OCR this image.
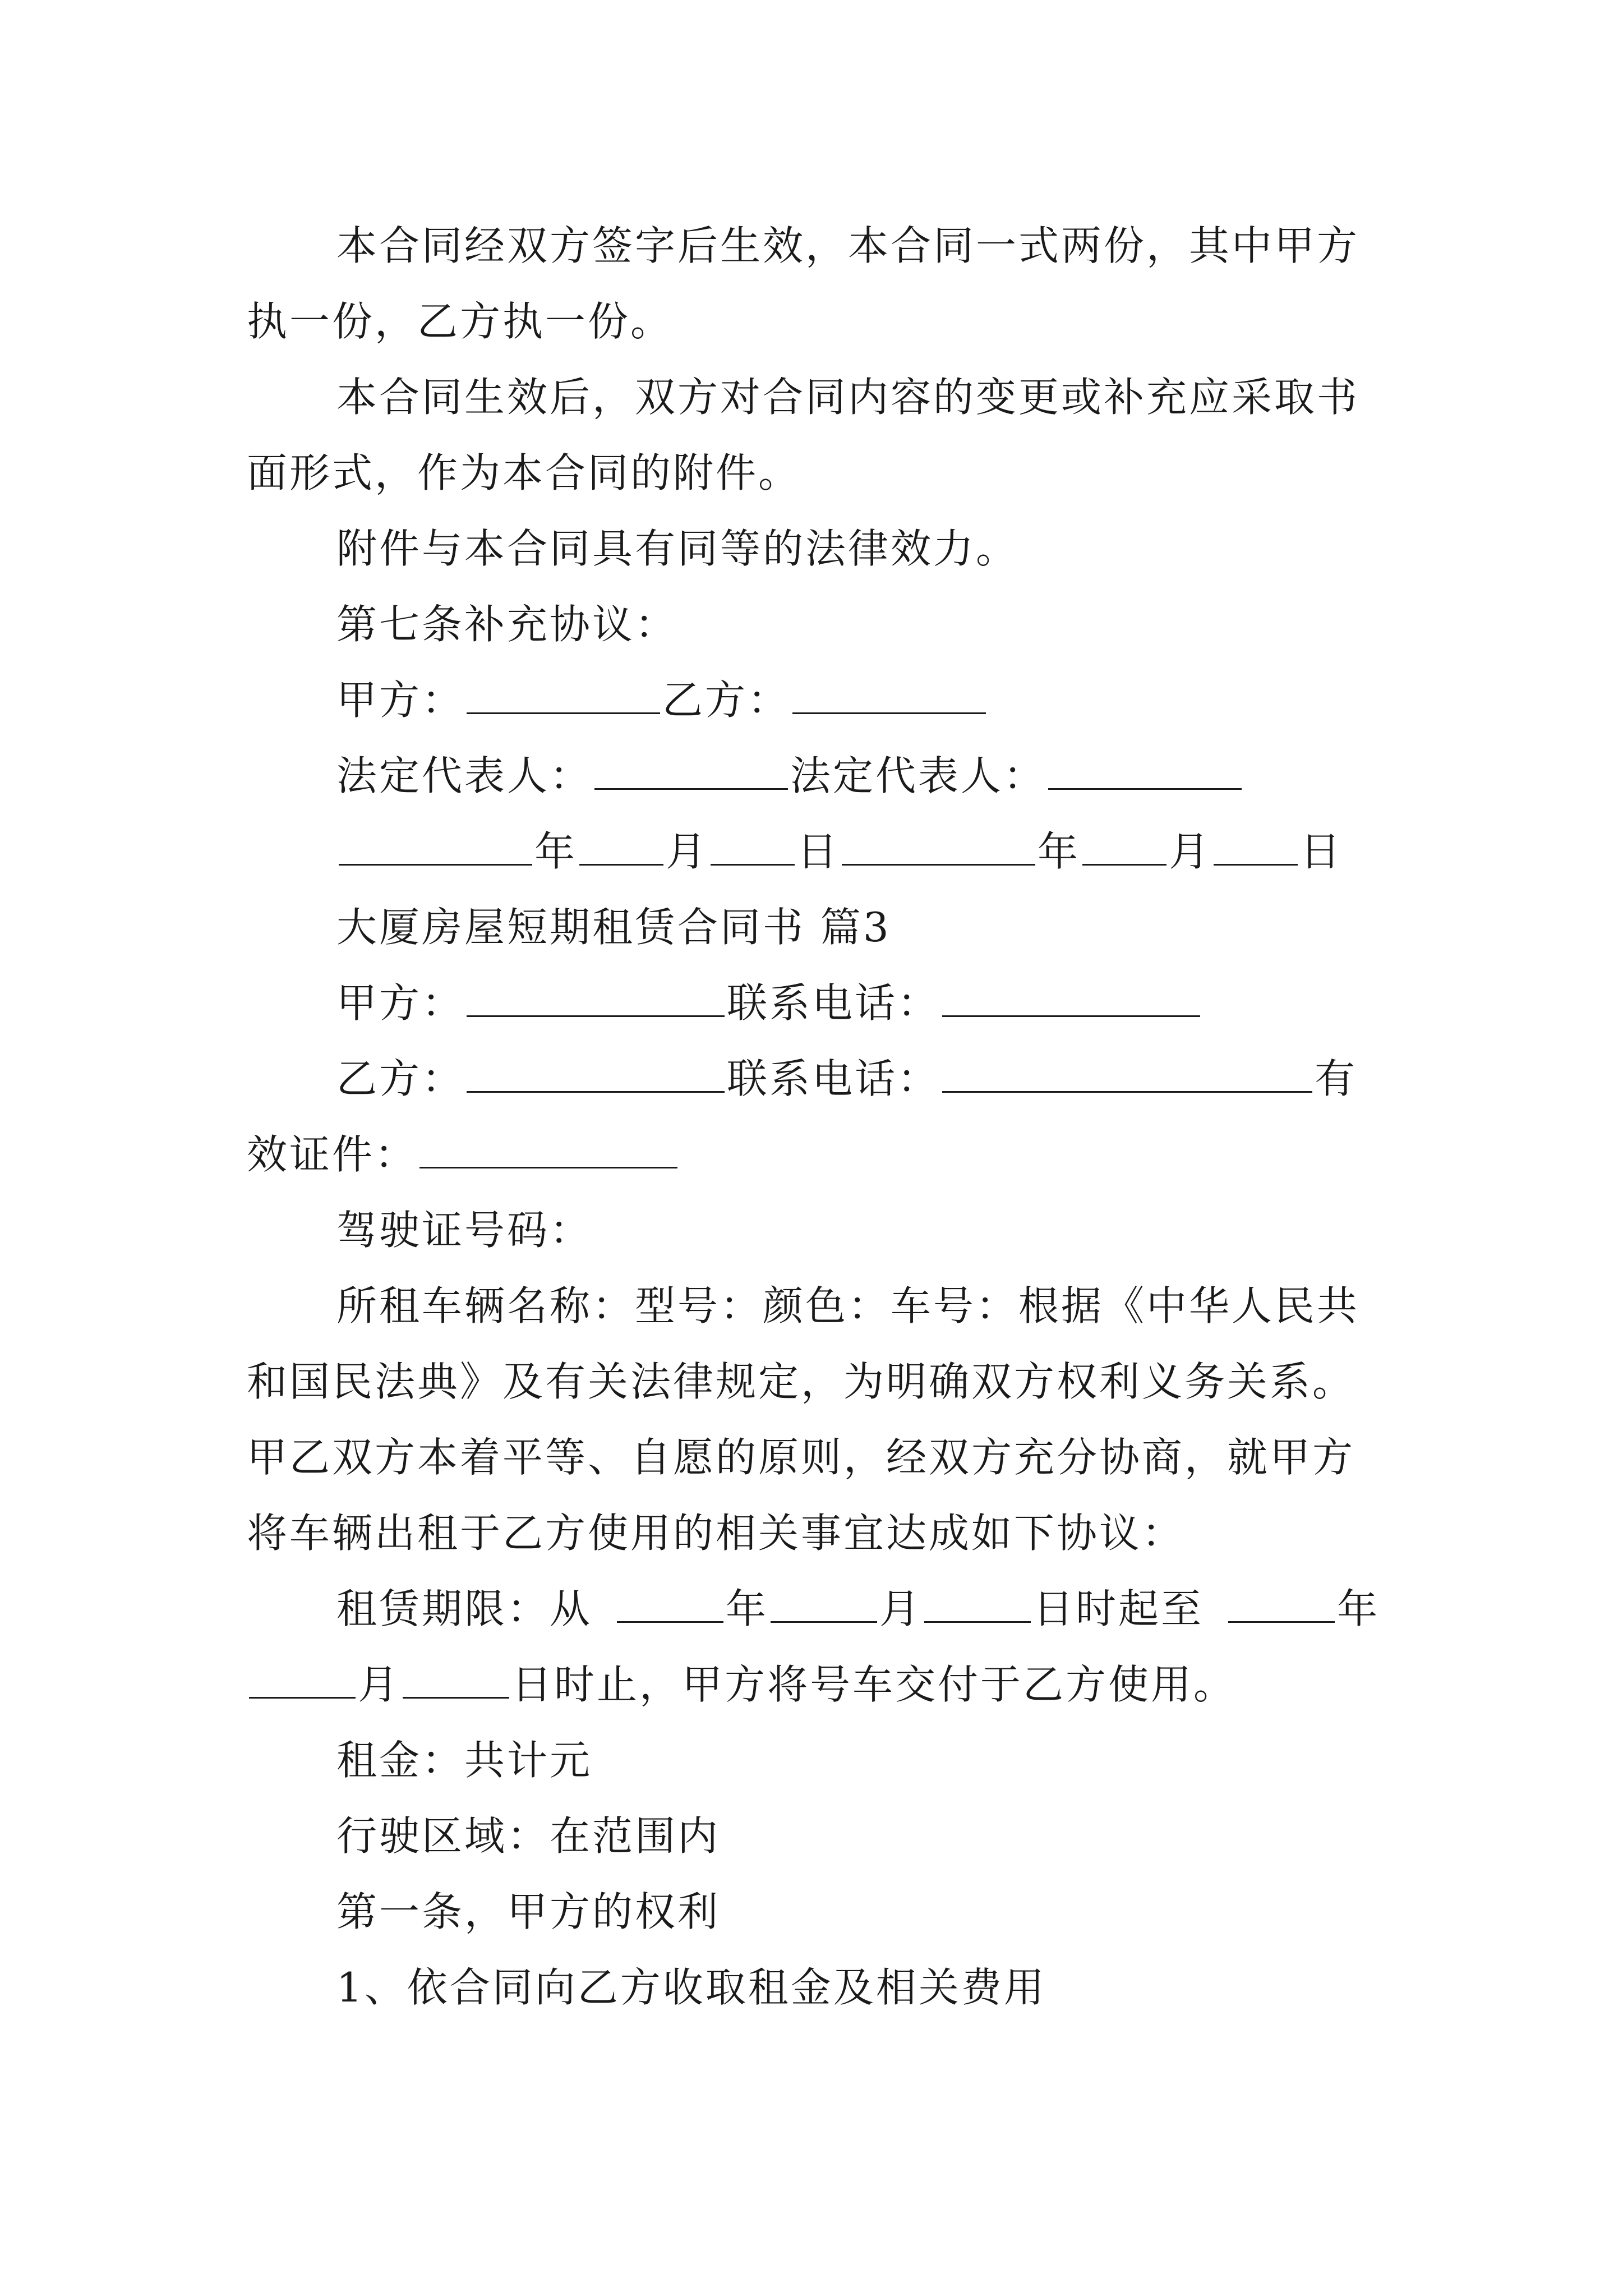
本合同经双方签字后生效，本合同一式两份，其中甲方
执一份，乙方执一份。
本合同生效后，双方对合同内容的变更或补充应采取书
面形式，作为本合同的附件。
附件与本合同具有同等的法律效力。
第七条补充协议：
甲方：	乙方：
法定代表人：	法定代表人：
年 月 日	年 月 日
大厦房屋短期租赁合同书 篇3
甲方：	联系电话：
乙方：	联系电话：	有
效证件：
驾驶证号码：
所租车辆名称：型号：颜色：车号：根据《中华人民共
和国民法典》及有关法律规定，为明确双方权利义务关系。
甲乙双方本着平等、自愿的原则，经双方充分协商，就甲方
将车辆出租于乙方使用的相关事宜达成如下协议：
租赁期限：从 	年	月	日时起至 	年
月	日时止，甲方将号车交付于乙方使用。
租金：共计元
行驶区域：在范围内
第一条，甲方的权利
1、依合同向乙方收取租金及相关费用
